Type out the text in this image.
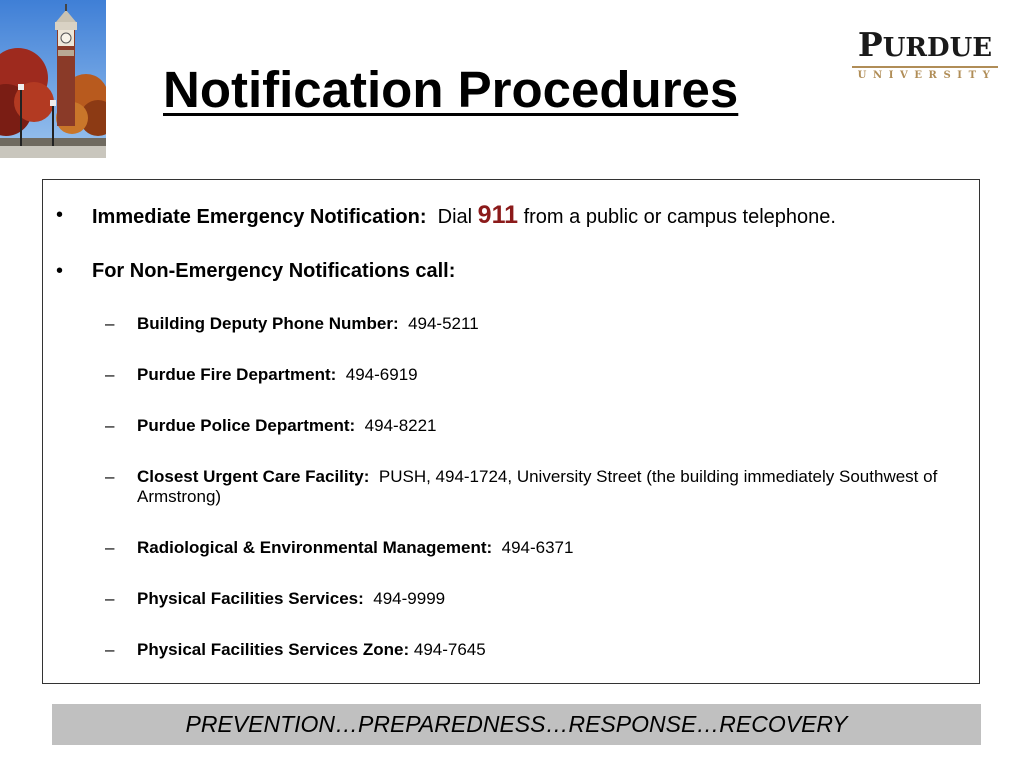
Notification Procedures
PURDUE
UNIVERSITY
• Immediate Emergency Notification: Dial 911 from a public or campus telephone.
• For Non-Emergency Notifications call:
– Building Deputy Phone Number: 494-5211
– Purdue Fire Department: 494-6919
– Purdue Police Department: 494-8221
– Closest Urgent Care Facility: PUSH, 494-1724, University Street (the building immediately Southwest of Armstrong)
– Radiological & Environmental Management: 494-6371
– Physical Facilities Services: 494-9999
– Physical Facilities Services Zone: 494-7645
PREVENTION…PREPAREDNESS…RESPONSE…RECOVERY
